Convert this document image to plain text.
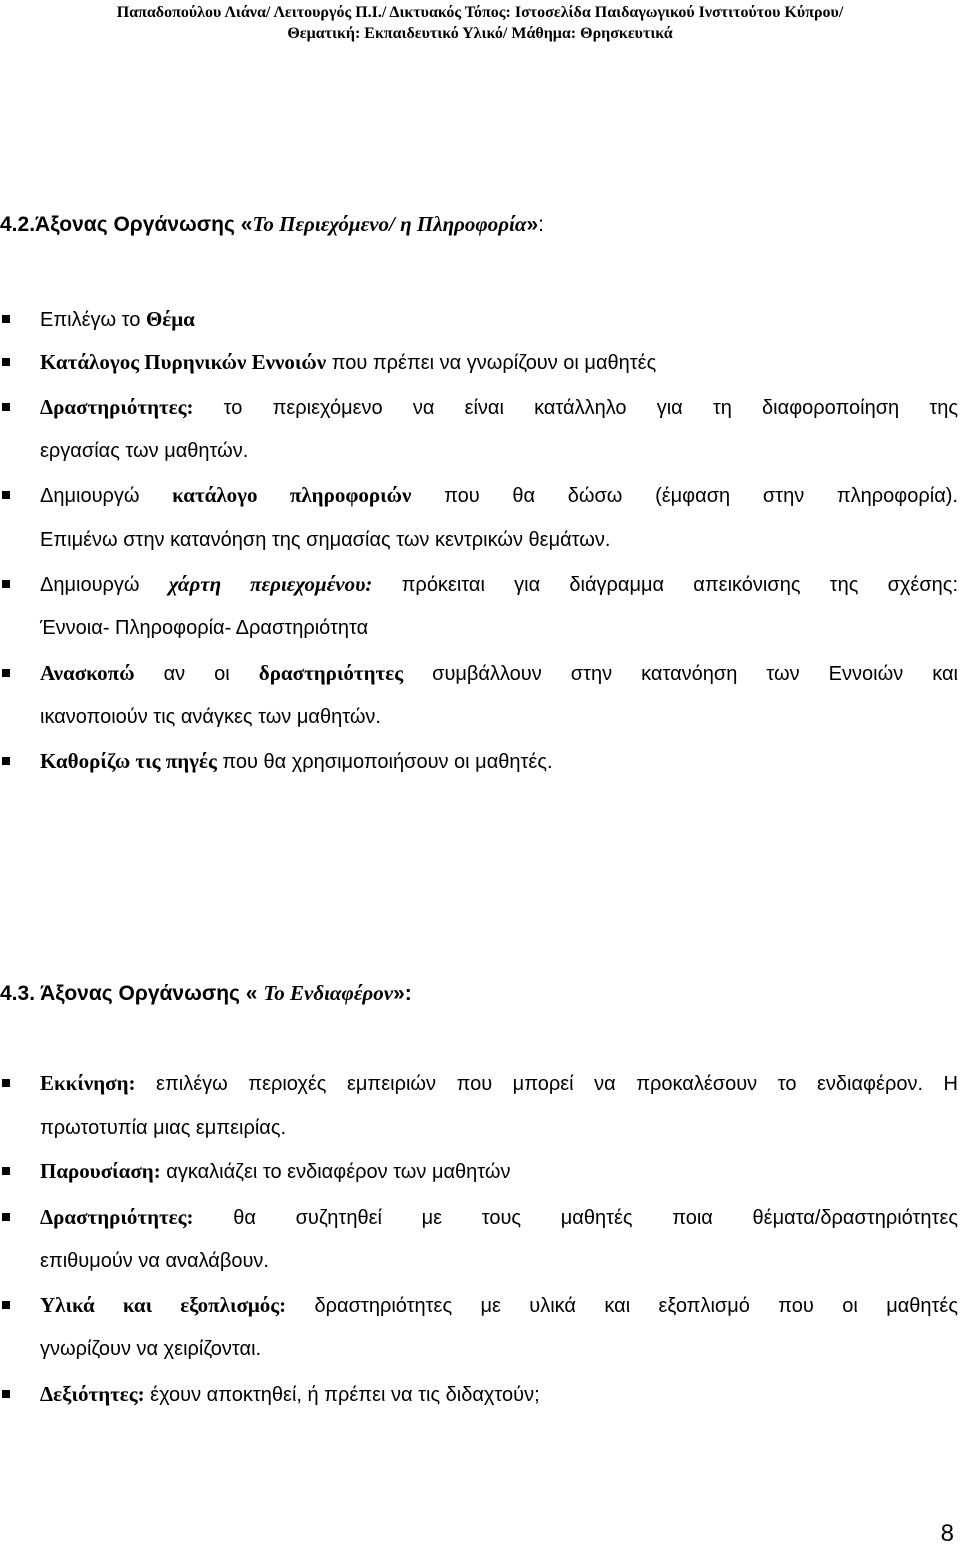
Παπαδοπούλου Λιάνα/ Λειτουργός Π.Ι./ Δικτυακός Τόπος: Ιστοσελίδα Παιδαγωγικού Ινστιτούτου Κύπρου/
Θεματική: Εκπαιδευτικό Υλικό/ Μάθημα: Θρησκευτικά
4.2.Άξονας Οργάνωσης «Το Περιεχόμενο/ η Πληροφορία»:
Επιλέγω το Θέμα
Κατάλογος Πυρηνικών Εννοιών που πρέπει να γνωρίζουν οι μαθητές
Δραστηριότητες: το περιεχόμενο να είναι κατάλληλο για τη διαφοροποίηση της
εργασίας των μαθητών.
Δημιουργώ κατάλογο πληροφοριών που θα δώσω (έμφαση στην πληροφορία).
Επιμένω στην κατανόηση της σημασίας των κεντρικών θεμάτων.
Δημιουργώ χάρτη περιεχομένου: πρόκειται για διάγραμμα απεικόνισης της σχέσης:
Έννοια- Πληροφορία- Δραστηριότητα
Ανασκοπώ αν οι δραστηριότητες συμβάλλουν στην κατανόηση των Εννοιών και
ικανοποιούν τις ανάγκες των μαθητών.
Καθορίζω τις πηγές που θα χρησιμοποιήσουν οι μαθητές.
4.3. Άξονας Οργάνωσης « Το Ενδιαφέρον»:
Εκκίνηση: επιλέγω περιοχές εμπειριών που μπορεί να προκαλέσουν το ενδιαφέρον. Η
πρωτοτυπία μιας εμπειρίας.
Παρουσίαση: αγκαλιάζει το ενδιαφέρον των μαθητών
Δραστηριότητες: θα συζητηθεί με τους μαθητές ποια θέματα/δραστηριότητες
επιθυμούν να αναλάβουν.
Υλικά και εξοπλισμός: δραστηριότητες με υλικά και εξοπλισμό που οι μαθητές
γνωρίζουν να χειρίζονται.
Δεξιότητες: έχουν αποκτηθεί, ή πρέπει να τις διδαχτούν;
8
